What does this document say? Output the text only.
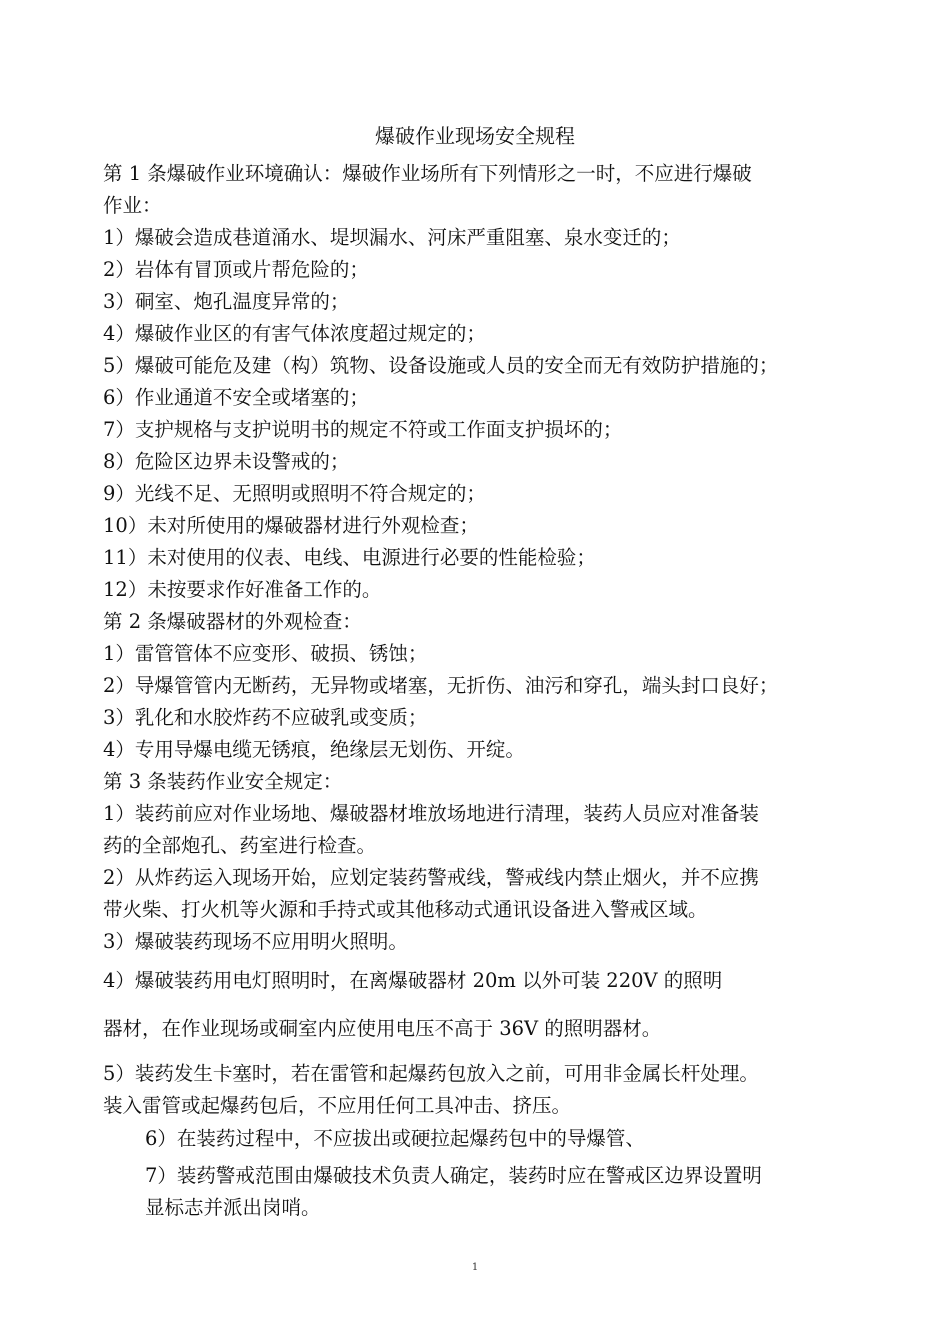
爆破作业现场安全规程
第 1 条爆破作业环境确认：爆破作业场所有下列情形之一时，不应进行爆破
作业：
1）爆破会造成巷道涌水、堤坝漏水、河床严重阻塞、泉水变迁的；
2）岩体有冒顶或片帮危险的；
3）硐室、炮孔温度异常的；
4）爆破作业区的有害气体浓度超过规定的；
5）爆破可能危及建（构）筑物、设备设施或人员的安全而无有效防护措施的；
6）作业通道不安全或堵塞的；
7）支护规格与支护说明书的规定不符或工作面支护损坏的；
8）危险区边界未设警戒的；
9）光线不足、无照明或照明不符合规定的；
10）未对所使用的爆破器材进行外观检查；
11）未对使用的仪表、电线、电源进行必要的性能检验；
12）未按要求作好准备工作的。
第 2 条爆破器材的外观检查：
1）雷管管体不应变形、破损、锈蚀；
2）导爆管管内无断药，无异物或堵塞，无折伤、油污和穿孔，端头封口良好；
3）乳化和水胶炸药不应破乳或变质；
4）专用导爆电缆无锈痕，绝缘层无划伤、开绽。
第 3 条装药作业安全规定：
1）装药前应对作业场地、爆破器材堆放场地进行清理，装药人员应对准备装
药的全部炮孔、药室进行检查。
2）从炸药运入现场开始，应划定装药警戒线，警戒线内禁止烟火，并不应携
带火柴、打火机等火源和手持式或其他移动式通讯设备进入警戒区域。
3）爆破装药现场不应用明火照明。
4）爆破装药用电灯照明时，在离爆破器材 20m 以外可装 220V 的照明
器材，在作业现场或硐室内应使用电压不高于 36V 的照明器材。
5）装药发生卡塞时，若在雷管和起爆药包放入之前，可用非金属长杆处理。
装入雷管或起爆药包后，不应用任何工具冲击、挤压。
6）在装药过程中，不应拔出或硬拉起爆药包中的导爆管、
7）装药警戒范围由爆破技术负责人确定，装药时应在警戒区边界设置明
显标志并派出岗哨。
1
